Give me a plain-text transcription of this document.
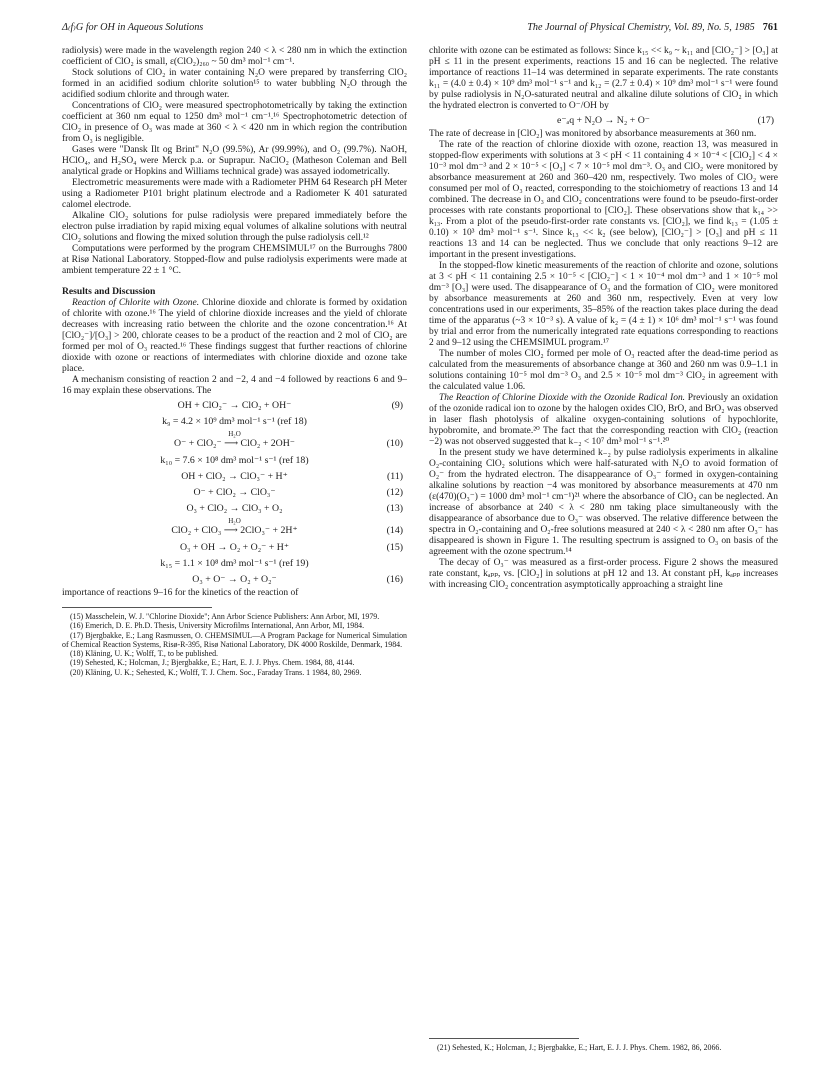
Δ₍f₎G for OH in Aqueous Solutions	The Journal of Physical Chemistry, Vol. 89, No. 5, 1985 761

radiolysis) were made in the wavelength region 240 < λ < 280 nm in which the extinction coefficient of ClO₂ is small, ε(ClO₂)₂₆₀ ~ 50 dm³ mol⁻¹ cm⁻¹.

Stock solutions of ClO₂ in water containing N₂O were prepared by transferring ClO₂ formed in an acidified sodium chlorite solution¹⁵ to water bubbling N₂O through the acidified sodium chlorite and through water.

Concentrations of ClO₂ were measured spectrophotometrically by taking the extinction coefficient at 360 nm equal to 1250 dm³ mol⁻¹ cm⁻¹.¹⁶ Spectrophotometric detection of ClO₂ in presence of O₃ was made at 360 < λ < 420 nm in which region the contribution from O₃ is negligible.

Gases were "Dansk Ilt og Brint" N₂O (99.5%), Ar (99.99%), and O₂ (99.7%). NaOH, HClO₄, and H₂SO₄ were Merck p.a. or Suprapur. NaClO₂ (Matheson Coleman and Bell analytical grade or Hopkins and Williams technical grade) was assayed iodometrically.

Electrometric measurements were made with a Radiometer PHM 64 Research pH Meter using a Radiometer P101 bright platinum electrode and a Radiometer K 401 saturated calomel electrode.

Alkaline ClO₂ solutions for pulse radiolysis were prepared immediately before the electron pulse irradiation by rapid mixing equal volumes of alkaline solutions with neutral ClO₂ solutions and flowing the mixed solution through the pulse radiolysis cell.¹²

Computations were performed by the program CHEMSIMUL¹⁷ on the Burroughs 7800 at Risø National Laboratory. Stopped-flow and pulse radiolysis experiments were made at ambient temperature 22 ± 1 °C.

Results and Discussion

Reaction of Chlorite with Ozone. Chlorine dioxide and chlorate is formed by oxidation of chlorite with ozone.¹⁶ The yield of chlorine dioxide increases and the yield of chlorate decreases with increasing ratio between the chlorite and the ozone concentration.¹⁶ At [ClO₂⁻]/[O₃] > 200, chlorate ceases to be a product of the reaction and 2 mol of ClO₂ are formed per mol of O₃ reacted.¹⁶ These findings suggest that further reactions of chlorine dioxide with ozone or reactions of intermediates with chlorine dioxide and ozone take place.

A mechanism consisting of reaction 2 and −2, 4 and −4 followed by reactions 6 and 9–16 may explain these observations. The

OH + ClO₂⁻ → ClO₂ + OH⁻	(9)
k₉ = 4.2 × 10⁹ dm³ mol⁻¹ s⁻¹ (ref 18)
H₂O
O⁻ + ClO₂⁻ ⟶ ClO₂ + 2OH⁻	(10)
k₁₀ = 7.6 × 10⁸ dm³ mol⁻¹ s⁻¹ (ref 18)
OH + ClO₂ → ClO₃⁻ + H⁺	(11)
O⁻ + ClO₂ → ClO₃⁻	(12)
O₃ + ClO₂ → ClO₃ + O₂	(13)
H₂O
ClO₂ + ClO₃ ⟶ 2ClO₃⁻ + 2H⁺	(14)
O₃ + OH → O₂ + O₂⁻ + H⁺	(15)
k₁₅ = 1.1 × 10⁸ dm³ mol⁻¹ s⁻¹ (ref 19)
O₃ + O⁻ → O₂ + O₂⁻	(16)

importance of reactions 9–16 for the kinetics of the reaction of

(15) Masschelein, W. J. "Chlorine Dioxide"; Ann Arbor Science Publishers: Ann Arbor, MI, 1979.
(16) Emerich, D. E. Ph.D. Thesis, University Microfilms International, Ann Arbor, MI, 1984.
(17) Bjergbakke, E.; Lang Rasmussen, O. CHEMSIMUL—A Program Package for Numerical Simulation of Chemical Reaction Systems, Risø-R-395, Risø National Laboratory, DK 4000 Roskilde, Denmark, 1984.
(18) Kläning, U. K.; Wolff, T., to be published.
(19) Sehested, K.; Holcman, J.; Bjergbakke, E.; Hart, E. J. J. Phys. Chem. 1984, 88, 4144.
(20) Kläning, U. K.; Sehested, K.; Wolff, T. J. Chem. Soc., Faraday Trans. 1 1984, 80, 2969.

chlorite with ozone can be estimated as follows: Since k₁₅ << k₉ ~ k₁₁ and [ClO₂⁻] > [O₃] at pH ≤ 11 in the present experiments, reactions 15 and 16 can be neglected. The relative importance of reactions 11–14 was determined in separate experiments. The rate constants k₁₁ = (4.0 ± 0.4) × 10⁹ dm³ mol⁻¹ s⁻¹ and k₁₂ = (2.7 ± 0.4) × 10⁹ dm³ mol⁻¹ s⁻¹ were found by pulse radiolysis in N₂O-saturated neutral and alkaline dilute solutions of ClO₂ in which the hydrated electron is converted to O⁻/OH by

e⁻ₐq + N₂O → N₂ + O⁻	(17)

The rate of decrease in [ClO₂] was monitored by absorbance measurements at 360 nm.

The rate of the reaction of chlorine dioxide with ozone, reaction 13, was measured in stopped-flow experiments with solutions at 3 < pH < 11 containing 4 × 10⁻⁴ < [ClO₂] < 4 × 10⁻³ mol dm⁻³ and 2 × 10⁻⁵ < [O₃] < 7 × 10⁻⁵ mol dm⁻³. O₃ and ClO₂ were monitored by absorbance measurement at 260 and 360–420 nm, respectively. Two moles of ClO₂ were consumed per mol of O₃ reacted, corresponding to the stoichiometry of reactions 13 and 14 combined. The decrease in O₃ and ClO₂ concentrations were found to be pseudo-first-order processes with rate constants proportional to [ClO₂]. These observations show that k₁₄ >> k₁₃. From a plot of the pseudo-first-order rate constants vs. [ClO₂], we find k₁₃ = (1.05 ± 0.10) × 10³ dm³ mol⁻¹ s⁻¹. Since k₁₃ << k₂ (see below), [ClO₂⁻] > [O₃] and pH ≤ 11 reactions 13 and 14 can be neglected. Thus we conclude that only reactions 9–12 are important in the present investigations.

In the stopped-flow kinetic measurements of the reaction of chlorite and ozone, solutions at 3 < pH < 11 containing 2.5 × 10⁻⁵ < [ClO₂⁻] < 1 × 10⁻⁴ mol dm⁻³ and 1 × 10⁻⁵ mol dm⁻³ [O₃] were used. The disappearance of O₃ and the formation of ClO₂ were monitored by absorbance measurements at 260 and 360 nm, respectively. Even at very low concentrations used in our experiments, 35–85% of the reaction takes place during the dead time of the apparatus (~3 × 10⁻³ s). A value of k₂ = (4 ± 1) × 10⁶ dm³ mol⁻¹ s⁻¹ was found by trial and error from the numerically integrated rate equations corresponding to reactions 2 and 9–12 using the CHEMSIMUL program.¹⁷

The number of moles ClO₂ formed per mole of O₃ reacted after the dead-time period as calculated from the measurements of absorbance change at 360 and 260 nm was 0.9–1.1 in solutions containing 10⁻⁵ mol dm⁻³ O₃ and 2.5 × 10⁻⁵ mol dm⁻³ ClO₂ in agreement with the calculated value 1.06.

The Reaction of Chlorine Dioxide with the Ozonide Radical Ion. Previously an oxidation of the ozonide radical ion to ozone by the halogen oxides ClO, BrO, and BrO₂ was observed in laser flash photolysis of alkaline oxygen-containing solutions of hypochlorite, hypobromite, and bromate.²⁰ The fact that the corresponding reaction with ClO₂ (reaction −2) was not observed suggested that k₋₂ < 10⁷ dm³ mol⁻¹ s⁻¹.²⁰

In the present study we have determined k₋₂ by pulse radiolysis experiments in alkaline O₂-containing ClO₂ solutions which were half-saturated with N₂O to avoid formation of O₂⁻ from the hydrated electron. The disappearance of O₃⁻ formed in oxygen-containing alkaline solutions by reaction −4 was monitored by absorbance measurements at 470 nm (ε(470)(O₃⁻) = 1000 dm³ mol⁻¹ cm⁻¹)²¹ where the absorbance of ClO₂ can be neglected. An increase of absorbance at 240 < λ < 280 nm taking place simultaneously with the disappearance of absorbance due to O₃⁻ was observed. The relative difference between the spectra in O₂-containing and O₂-free solutions measured at 240 < λ < 280 nm after O₃⁻ has disappeared is shown in Figure 1. The resulting spectrum is assigned to O₃ on basis of the agreement with the ozone spectrum.¹⁴

The decay of O₃⁻ was measured as a first-order process. Figure 2 shows the measured rate constant, kₐₚₚ, vs. [ClO₂] in solutions at pH 12 and 13. At constant pH, kₐₚₚ increases with increasing ClO₂ concentration asymptotically approaching a straight line

(21) Sehested, K.; Holcman, J.; Bjergbakke, E.; Hart, E. J. J. Phys. Chem. 1982, 86, 2066.
